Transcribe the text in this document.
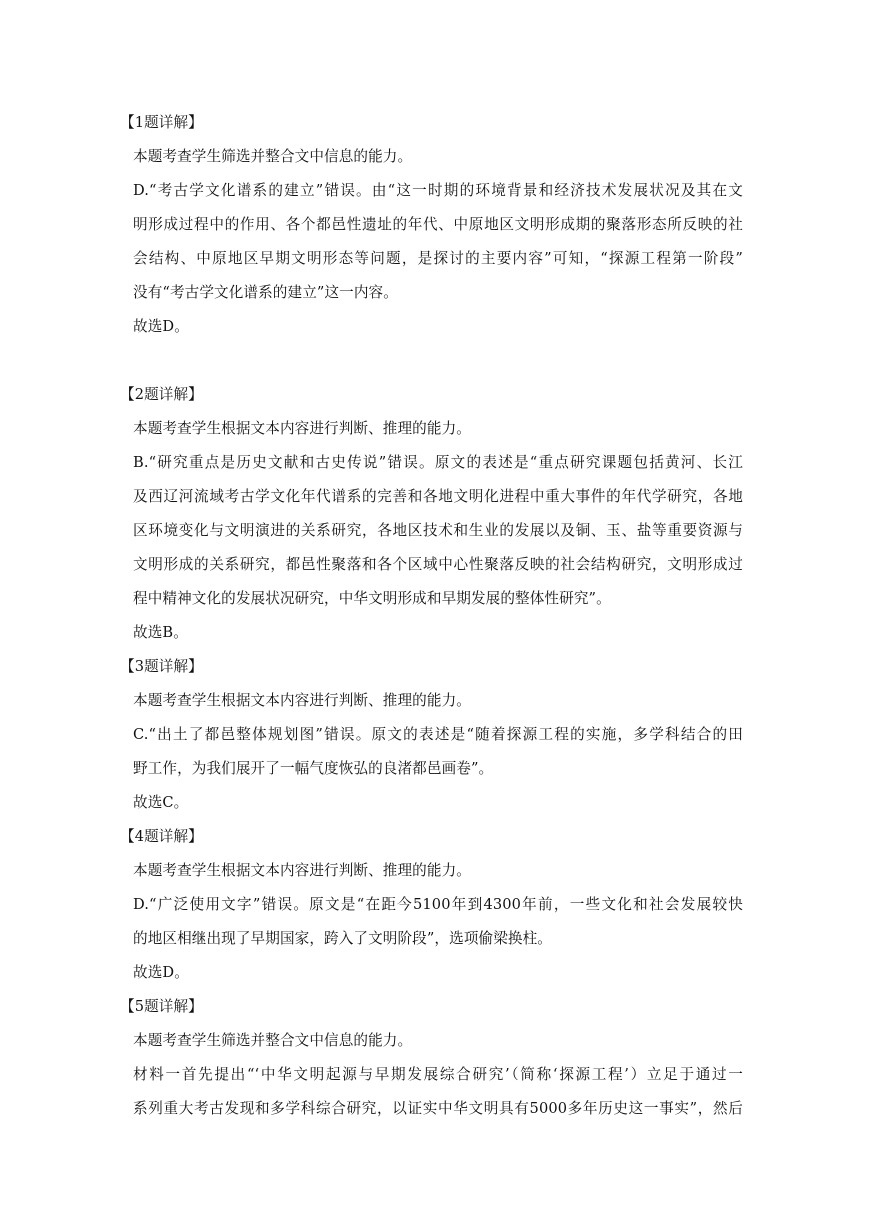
【1题详解】
本题考查学生筛选并整合文中信息的能力。
D.“考古学文化谱系的建立”错误。由“这一时期的环境背景和经济技术发展状况及其在文
明形成过程中的作用、各个都邑性遗址的年代、中原地区文明形成期的聚落形态所反映的社
会结构、中原地区早期文明形态等问题，是探讨的主要内容”可知，“探源工程第一阶段”
没有“考古学文化谱系的建立”这一内容。
故选D。
【2题详解】
本题考查学生根据文本内容进行判断、推理的能力。
B.“研究重点是历史文献和古史传说”错误。原文的表述是“重点研究课题包括黄河、长江
及西辽河流域考古学文化年代谱系的完善和各地文明化进程中重大事件的年代学研究，各地
区环境变化与文明演进的关系研究，各地区技术和生业的发展以及铜、玉、盐等重要资源与
文明形成的关系研究，都邑性聚落和各个区域中心性聚落反映的社会结构研究，文明形成过
程中精神文化的发展状况研究，中华文明形成和早期发展的整体性研究”。
故选B。
【3题详解】
本题考查学生根据文本内容进行判断、推理的能力。
C.“出土了都邑整体规划图”错误。原文的表述是“随着探源工程的实施，多学科结合的田
野工作，为我们展开了一幅气度恢弘的良渚都邑画卷”。
故选C。
【4题详解】
本题考查学生根据文本内容进行判断、推理的能力。
D.“广泛使用文字”错误。原文是“在距今5100年到4300年前，一些文化和社会发展较快
的地区相继出现了早期国家，跨入了文明阶段”，选项偷梁换柱。
故选D。
【5题详解】
本题考查学生筛选并整合文中信息的能力。
材料一首先提出“‘中华文明起源与早期发展综合研究’（简称‘探源工程’）立足于通过一
系列重大考古发现和多学科综合研究，以证实中华文明具有5000多年历史这一事实”，然后
